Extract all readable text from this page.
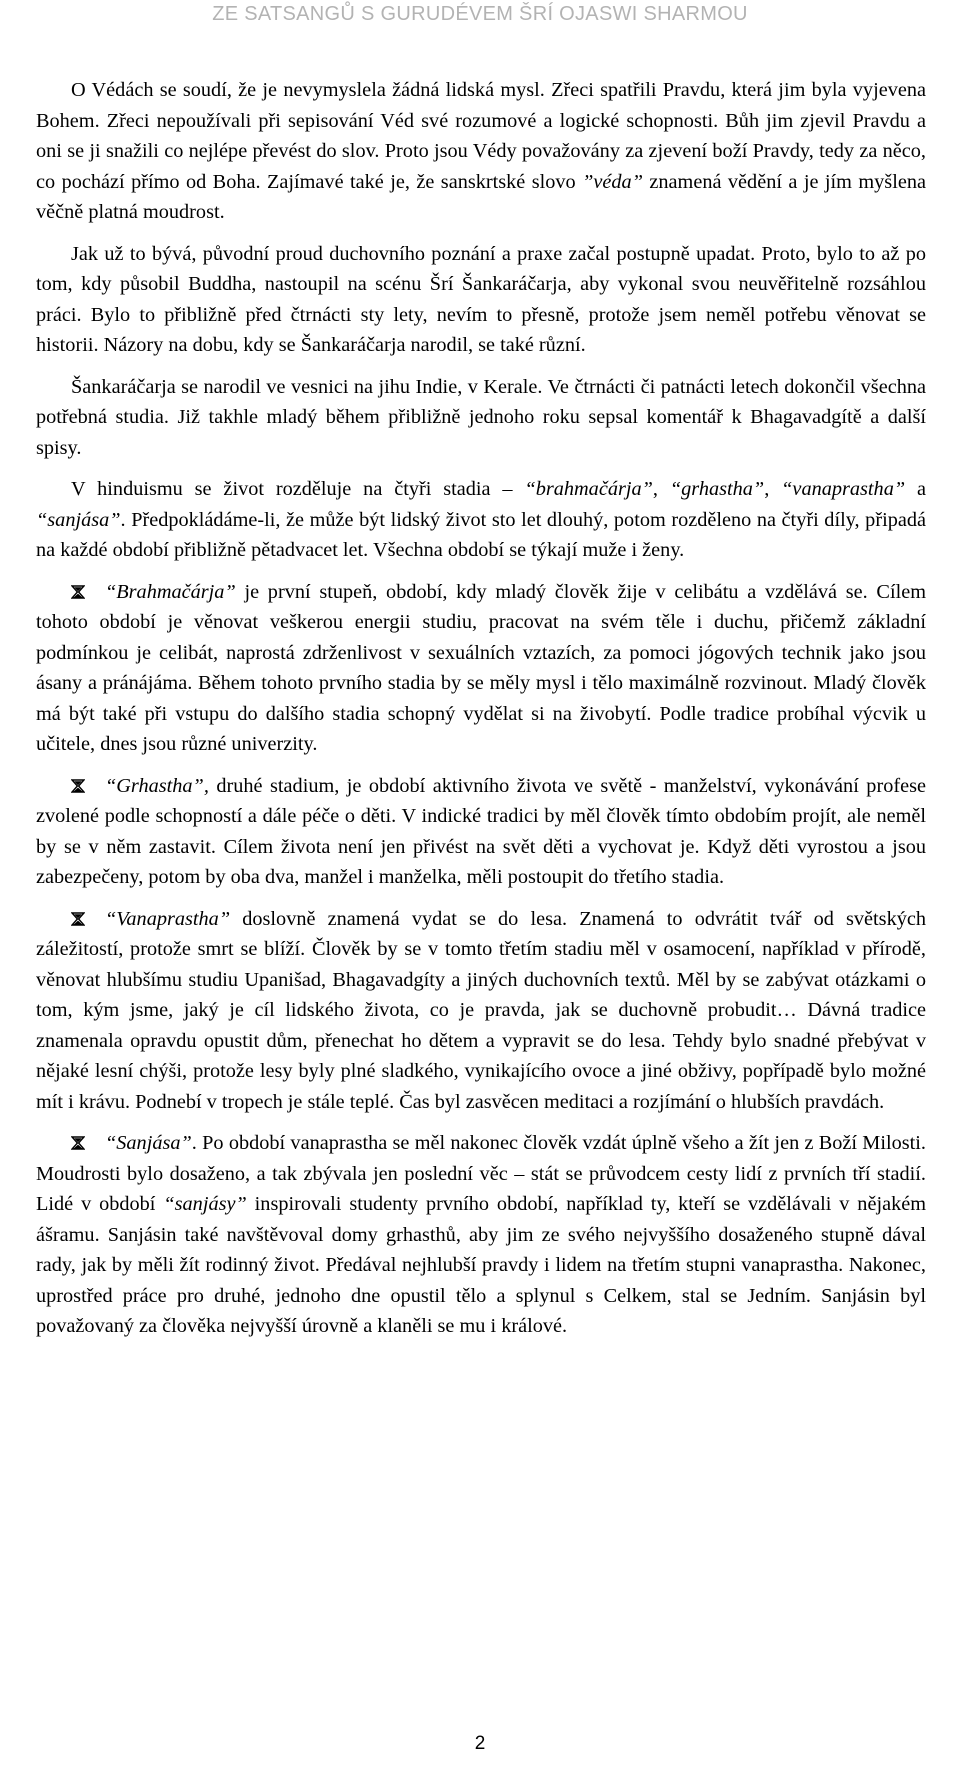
ZE SATSANGŮ S GURUDÉVEM ŠRÍ OJASWI SHARMOU

O Védách se soudí, že je nevymyslela žádná lidská mysl. Zřeci spatřili Pravdu, která jim byla vyjevena Bohem. Zřeci nepoužívali při sepisování Véd své rozumové a logické schopnosti. Bůh jim zjevil Pravdu a oni se ji snažili co nejlépe převést do slov. Proto jsou Védy považovány za zjevení boží Pravdy, tedy za něco, co pochází přímo od Boha. Zajímavé také je, že sanskrtské slovo ”véda” znamená vědění a je jím myšlena věčně platná moudrost.

Jak už to bývá, původní proud duchovního poznání a praxe začal postupně upadat. Proto, bylo to až po tom, kdy působil Buddha, nastoupil na scénu Šrí Šankaráčarja, aby vykonal svou neuvěřitelně rozsáhlou práci. Bylo to přibližně před čtrnácti sty lety, nevím to přesně, protože jsem neměl potřebu věnovat se historii. Názory na dobu, kdy se Šankaráčarja narodil, se také různí.

Šankaráčarja se narodil ve vesnici na jihu Indie, v Kerale. Ve čtrnácti či patnácti letech dokončil všechna potřebná studia. Již takhle mladý během přibližně jednoho roku sepsal komentář k Bhagavadgítě a další spisy.

V hinduismu se život rozděluje na čtyři stadia – “brahmačárja”, “grhastha”, “vanaprastha” a “sanjása”. Předpokládáme-li, že může být lidský život sto let dlouhý, potom rozděleno na čtyři díly, připadá na každé období přibližně pětadvacet let. Všechna období se týkají muže i ženy.

“Brahmačárja” je první stupeň, období, kdy mladý člověk žije v celibátu a vzdělává se. Cílem tohoto období je věnovat veškerou energii studiu, pracovat na svém těle i duchu, přičemž základní podmínkou je celibát, naprostá zdrženlivost v sexuálních vztazích, za pomoci jógových technik jako jsou ásany a pránájáma. Během tohoto prvního stadia by se měly mysl i tělo maximálně rozvinout. Mladý člověk má být také při vstupu do dalšího stadia schopný vydělat si na živobytí. Podle tradice probíhal výcvik u učitele, dnes jsou různé univerzity.

“Grhastha”, druhé stadium, je období aktivního života ve světě - manželství, vykonávání profese zvolené podle schopností a dále péče o děti. V indické tradici by měl člověk tímto obdobím projít, ale neměl by se v něm zastavit. Cílem života není jen přivést na svět děti a vychovat je. Když děti vyrostou a jsou zabezpečeny, potom by oba dva, manžel i manželka, měli postoupit do třetího stadia.

“Vanaprastha” doslovně znamená vydat se do lesa. Znamená to odvrátit tvář od světských záležitostí, protože smrt se blíží. Člověk by se v tomto třetím stadiu měl v osamocení, například v přírodě, věnovat hlubšímu studiu Upanišad, Bhagavadgíty a jiných duchovních textů. Měl by se zabývat otázkami o tom, kým jsme, jaký je cíl lidského života, co je pravda, jak se duchovně probudit… Dávná tradice znamenala opravdu opustit dům, přenechat ho dětem a vypravit se do lesa. Tehdy bylo snadné přebývat v nějaké lesní chýši, protože lesy byly plné sladkého, vynikajícího ovoce a jiné obživy, popřípadě bylo možné mít i krávu. Podnebí v tropech je stále teplé. Čas byl zasvěcen meditaci a rozjímání o hlubších pravdách.

“Sanjása”. Po období vanaprastha se měl nakonec člověk vzdát úplně všeho a žít jen z Boží Milosti. Moudrosti bylo dosaženo, a tak zbývala jen poslední věc – stát se průvodcem cesty lidí z prvních tří stadií. Lidé v období “sanjásy” inspirovali studenty prvního období, například ty, kteří se vzdělávali v nějakém ášramu. Sanjásin také navštěvoval domy grhasthů, aby jim ze svého nejvyššího dosaženého stupně dával rady, jak by měli žít rodinný život. Předával nejhlubší pravdy i lidem na třetím stupni vanaprastha. Nakonec, uprostřed práce pro druhé, jednoho dne opustil tělo a splynul s Celkem, stal se Jedním. Sanjásin byl považovaný za člověka nejvyšší úrovně a klaněli se mu i králové.

2
